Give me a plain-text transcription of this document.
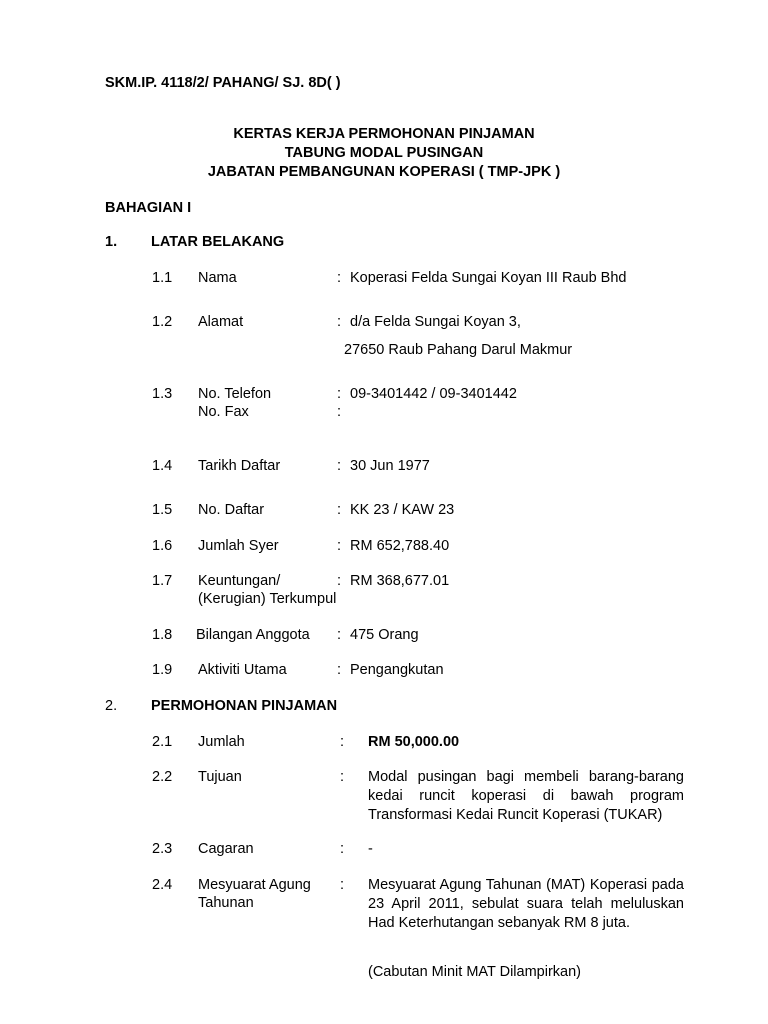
SKM.IP. 4118/2/ PAHANG/ SJ. 8D( )
KERTAS KERJA PERMOHONAN PINJAMAN
TABUNG MODAL PUSINGAN
JABATAN PEMBANGUNAN KOPERASI ( TMP-JPK )
BAHAGIAN I
1. LATAR BELAKANG
1.1 Nama	: Koperasi Felda Sungai Koyan III Raub Bhd
1.2 Alamat	: d/a Felda Sungai Koyan 3,
27650 Raub Pahang Darul Makmur
1.3 No. Telefon	: 09-3401442 / 09-3401442
No. Fax	:
1.4 Tarikh Daftar	: 30 Jun 1977
1.5 No. Daftar	: KK 23 / KAW 23
1.6 Jumlah Syer	: RM 652,788.40
1.7 Keuntungan/
(Kerugian) Terkumpul
: RM 368,677.01
1.8 Bilangan Anggota : 475 Orang
1.9 Aktiviti Utama	: Pengangkutan
2. PERMOHONAN PINJAMAN
2.1 Jumlah	: RM 50,000.00
2.2 Tujuan	: Modal pusingan bagi membeli barang-barang kedai runcit koperasi di bawah program Transformasi Kedai Runcit Koperasi (TUKAR)
2.3 Cagaran	: -
2.4 Mesyuarat Agung
Tahunan
: Mesyuarat Agung Tahunan (MAT) Koperasi pada 23 April 2011, sebulat suara telah meluluskan Had Keterhutangan sebanyak RM 8 juta.
(Cabutan Minit MAT Dilampirkan)
